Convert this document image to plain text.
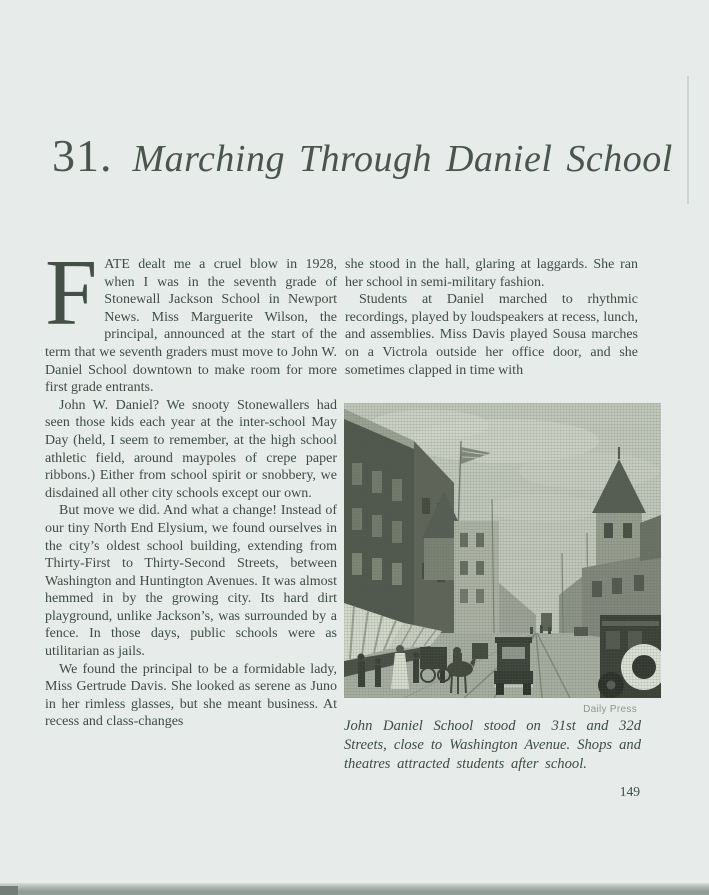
31. Marching Through Daniel School

FATE dealt me a cruel blow in 1928, when I was in the seventh grade of Stonewall Jackson School in Newport News. Miss Marguerite Wilson, the principal, announced at the start of the term that we seventh graders must move to John W. Daniel School downtown to make room for more first grade entrants.

John W. Daniel? We snooty Stonewallers had seen those kids each year at the inter-school May Day (held, I seem to remember, at the high school athletic field, around maypoles of crepe paper ribbons.) Either from school spirit or snobbery, we disdained all other city schools except our own.

But move we did. And what a change! Instead of our tiny North End Elysium, we found ourselves in the city’s oldest school building, extending from Thirty-First to Thirty-Second Streets, between Washington and Huntington Avenues. It was almost hemmed in by the growing city. Its hard dirt playground, unlike Jackson’s, was surrounded by a fence. In those days, public schools were as utilitarian as jails.

We found the principal to be a formidable lady, Miss Gertrude Davis. She looked as serene as Juno in her rimless glasses, but she meant business. At recess and class-changes

she stood in the hall, glaring at laggards. She ran her school in semi-military fashion.

Students at Daniel marched to rhythmic recordings, played by loudspeakers at recess, lunch, and assemblies. Miss Davis played Sousa marches on a Victrola outside her office door, and she sometimes clapped in time with

Daily Press

John Daniel School stood on 31st and 32d Streets, close to Washington Avenue. Shops and theatres attracted students after school.

149
